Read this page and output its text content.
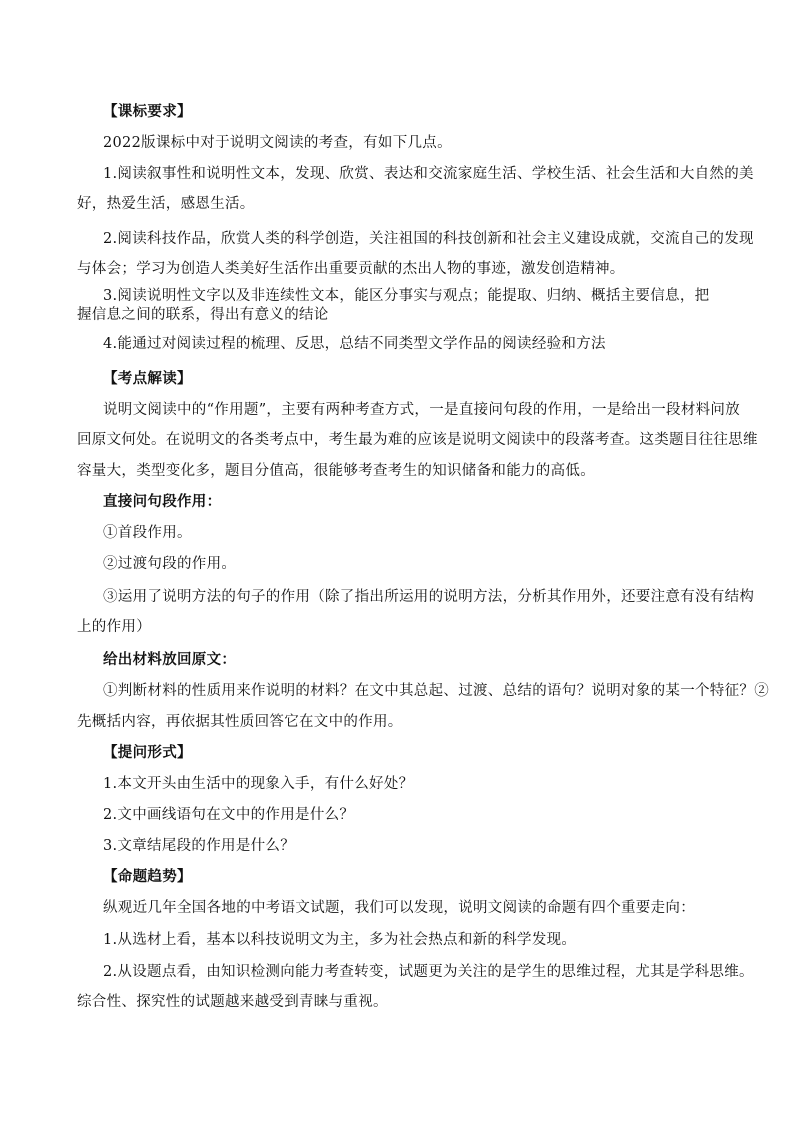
【课标要求】
2022版课标中对于说明文阅读的考查，有如下几点。
1.阅读叙事性和说明性文本，发现、欣赏、表达和交流家庭生活、学校生活、社会生活和大自然的美
好，热爱生活，感恩生活。
2.阅读科技作品，欣赏人类的科学创造，关注祖国的科技创新和社会主义建设成就，交流自己的发现
与体会；学习为创造人类美好生活作出重要贡献的杰出人物的事迹，激发创造精神。
3.阅读说明性文字以及非连续性文本，能区分事实与观点；能提取、归纳、概括主要信息，把
握信息之间的联系，得出有意义的结论
4.能通过对阅读过程的梳理、反思，总结不同类型文学作品的阅读经验和方法
【考点解读】
说明文阅读中的“作用题”，主要有两种考查方式，一是直接问句段的作用，一是给出一段材料问放
回原文何处。在说明文的各类考点中，考生最为难的应该是说明文阅读中的段落考查。这类题目往往思维
容量大，类型变化多，题目分值高，很能够考查考生的知识储备和能力的高低。
直接问句段作用：
①首段作用。
②过渡句段的作用。
③运用了说明方法的句子的作用（除了指出所运用的说明方法，分析其作用外，还要注意有没有结构
上的作用）
给出材料放回原文：
①判断材料的性质用来作说明的材料？在文中其总起、过渡、总结的语句？说明对象的某一个特征？②
先概括内容，再依据其性质回答它在文中的作用。
【提问形式】
1.本文开头由生活中的现象入手，有什么好处？
2.文中画线语句在文中的作用是什么？
3.文章结尾段的作用是什么？
【命题趋势】
纵观近几年全国各地的中考语文试题，我们可以发现，说明文阅读的命题有四个重要走向：
1.从选材上看，基本以科技说明文为主，多为社会热点和新的科学发现。
2.从设题点看，由知识检测向能力考查转变，试题更为关注的是学生的思维过程，尤其是学科思维。
综合性、探究性的试题越来越受到青睐与重视。
